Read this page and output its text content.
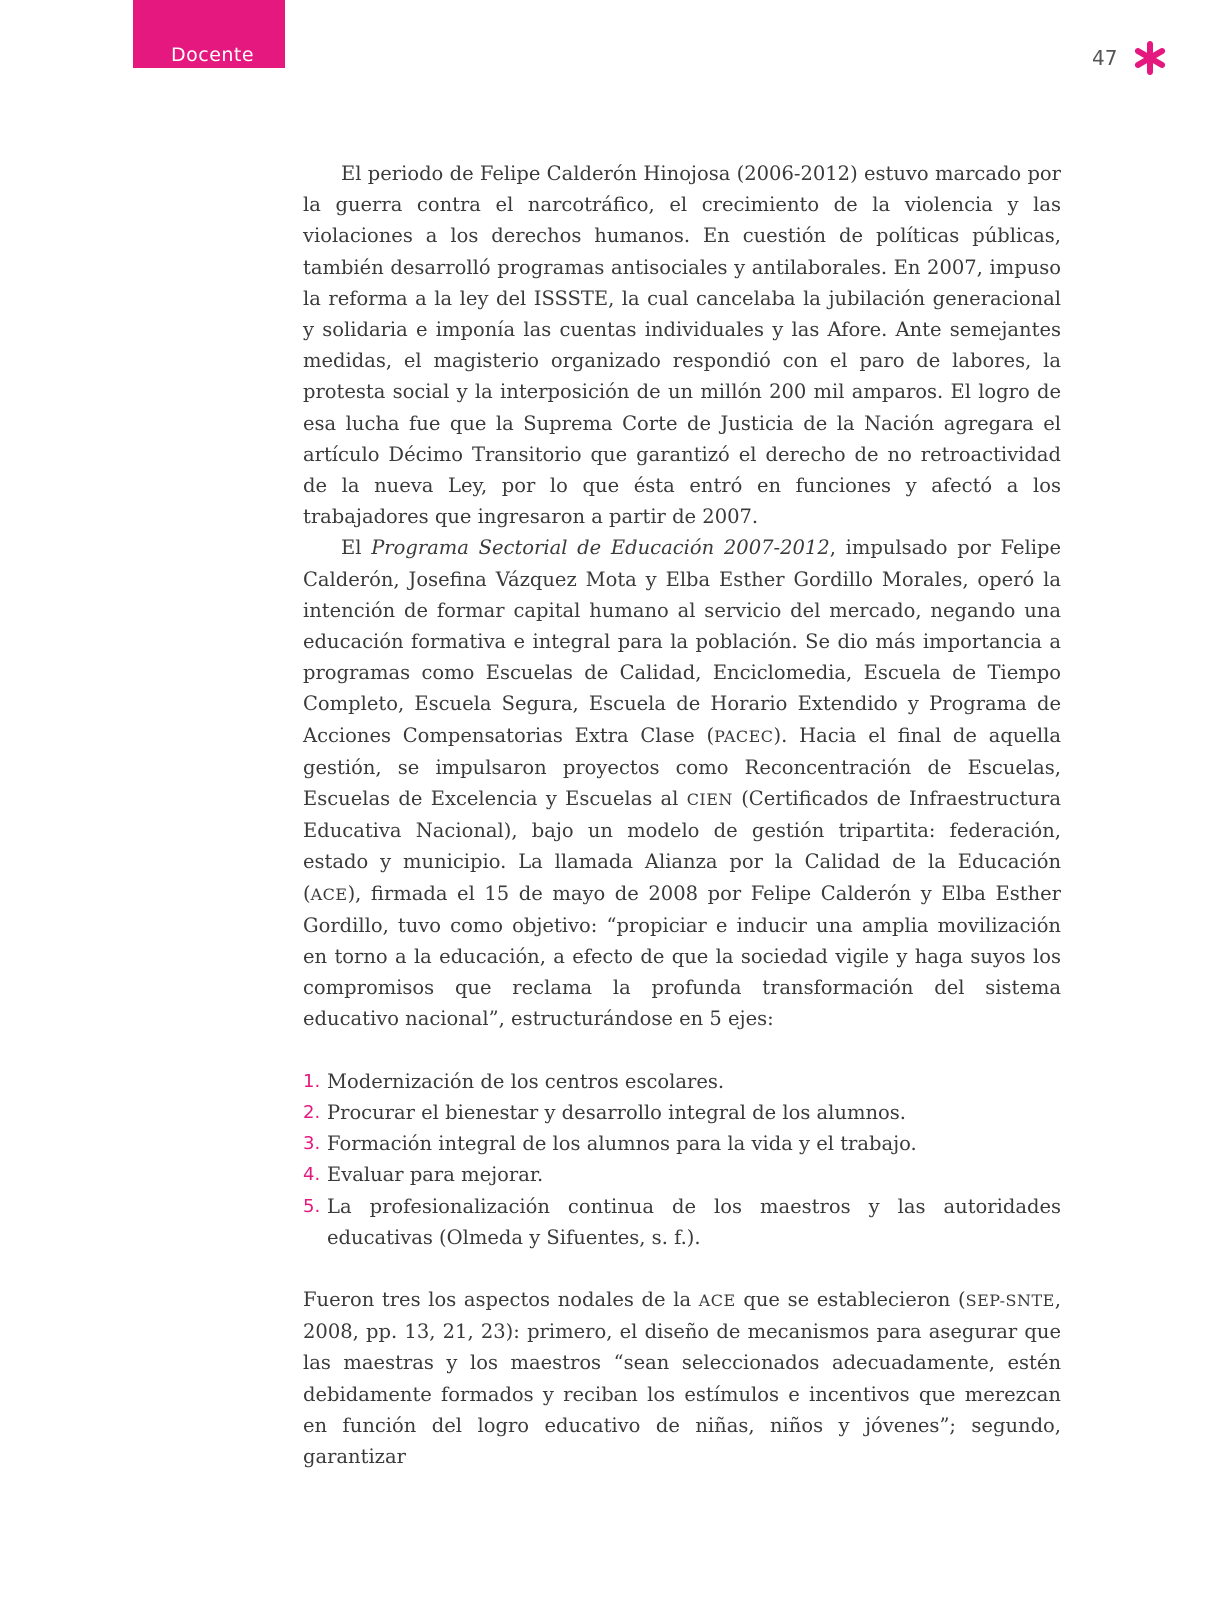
Docente	47

El periodo de Felipe Calderón Hinojosa (2006-2012) estuvo marcado por la guerra contra el narcotráfico, el crecimiento de la violencia y las violaciones a los derechos humanos. En cuestión de políticas públicas, también desarrolló programas antisociales y antilaborales. En 2007, impuso la reforma a la ley del ISSSTE, la cual cancelaba la jubilación generacional y solidaria e imponía las cuentas individuales y las Afore. Ante semejantes medidas, el magisterio organizado respondió con el paro de labores, la protesta social y la interposición de un millón 200 mil amparos. El logro de esa lucha fue que la Suprema Corte de Justicia de la Nación agregara el artículo Décimo Transitorio que garantizó el derecho de no retroactividad de la nueva Ley, por lo que ésta entró en funciones y afectó a los trabajadores que ingresaron a partir de 2007.

El Programa Sectorial de Educación 2007-2012, impulsado por Felipe Calderón, Josefina Vázquez Mota y Elba Esther Gordillo Morales, operó la intención de formar capital humano al servicio del mercado, negando una educación formativa e integral para la población. Se dio más importancia a programas como Escuelas de Calidad, Enciclomedia, Escuela de Tiempo Completo, Escuela Segura, Escuela de Horario Extendido y Programa de Acciones Compensatorias Extra Clase (PACEC). Hacia el final de aquella gestión, se impulsaron proyectos como Reconcentración de Escuelas, Escuelas de Excelencia y Escuelas al CIEN (Certificados de Infraestructura Educativa Nacional), bajo un modelo de gestión tripartita: federación, estado y municipio. La llamada Alianza por la Calidad de la Educación (ACE), firmada el 15 de mayo de 2008 por Felipe Calderón y Elba Esther Gordillo, tuvo como objetivo: “propiciar e inducir una amplia movilización en torno a la educación, a efecto de que la sociedad vigile y haga suyos los compromisos que reclama la profunda transformación del sistema educativo nacional”, estructurándose en 5 ejes:

1. Modernización de los centros escolares.
2. Procurar el bienestar y desarrollo integral de los alumnos.
3. Formación integral de los alumnos para la vida y el trabajo.
4. Evaluar para mejorar.
5. La profesionalización continua de los maestros y las autoridades educativas (Olmeda y Sifuentes, s. f.).

Fueron tres los aspectos nodales de la ACE que se establecieron (SEP-SNTE, 2008, pp. 13, 21, 23): primero, el diseño de mecanismos para asegurar que las maestras y los maestros “sean seleccionados adecuadamente, estén debidamente formados y reciban los estímulos e incentivos que merezcan en función del logro educativo de niñas, niños y jóvenes”; segundo, garantizar
